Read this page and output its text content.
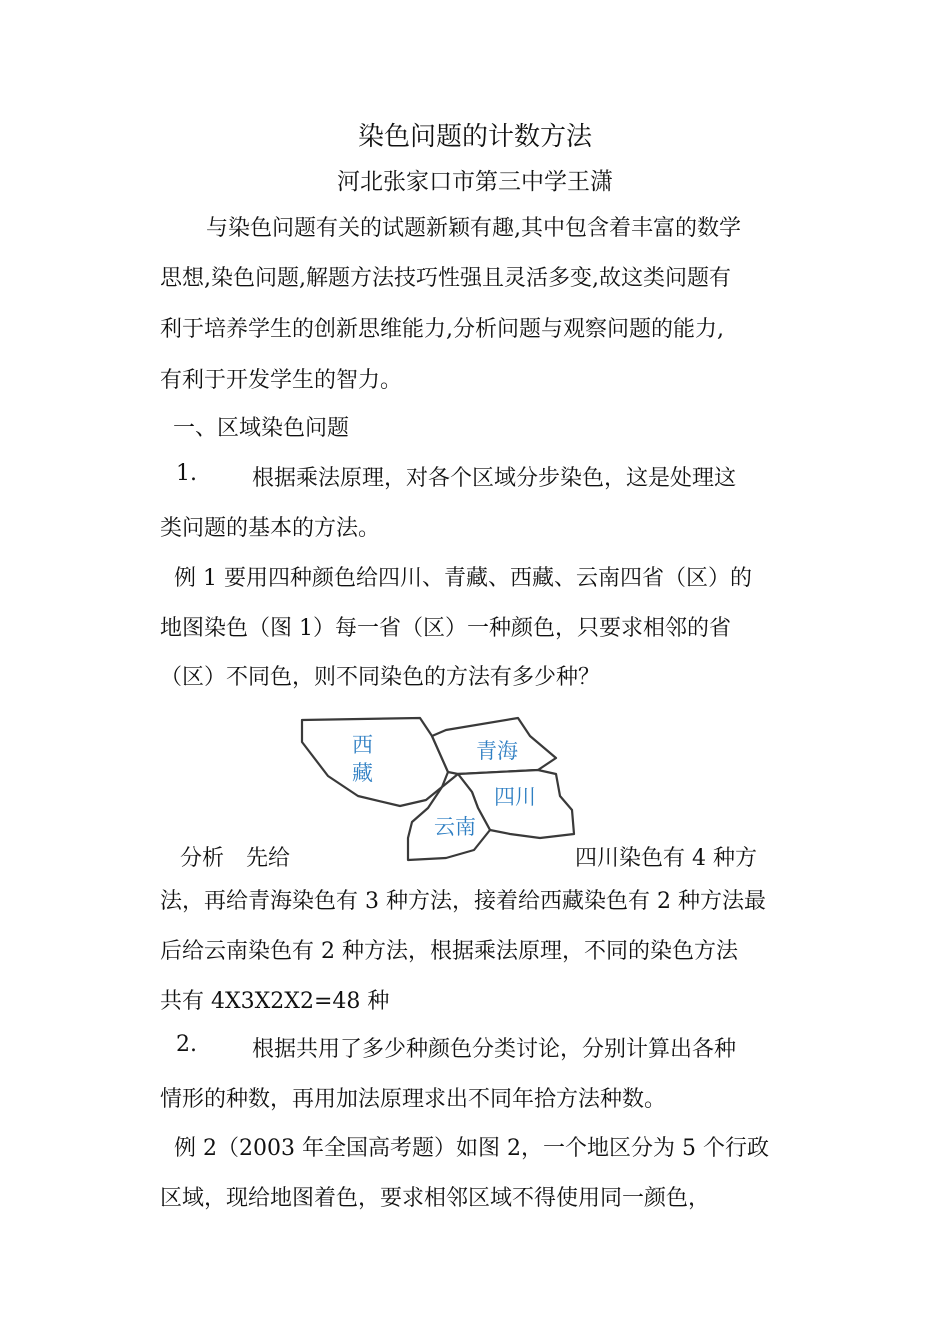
染色问题的计数方法
河北张家口市第三中学王潇
与染色问题有关的试题新颖有趣,其中包含着丰富的数学
思想,染色问题,解题方法技巧性强且灵活多变,故这类问题有
利于培养学生的创新思维能力,分析问题与观察问题的能力,
有利于开发学生的智力。
一、区域染色问题
1.	根据乘法原理，对各个区域分步染色，这是处理这
类问题的基本的方法。
例 1 要用四种颜色给四川、青藏、西藏、云南四省（区）的
地图染色（图 1）每一省（区）一种颜色，只要求相邻的省
（区）不同色，则不同染色的方法有多少种？
西
藏
青海
四川
云南
分析　先给	四川染色有 4 种方
法，再给青海染色有 3 种方法，接着给西藏染色有 2 种方法最
后给云南染色有 2 种方法，根据乘法原理，不同的染色方法
共有 4X3X2X2=48 种
2.	根据共用了多少种颜色分类讨论，分别计算出各种
情形的种数，再用加法原理求出不同年拾方法种数。
例 2（2003 年全国高考题）如图 2，一个地区分为 5 个行政
区域，现给地图着色，要求相邻区域不得使用同一颜色，
